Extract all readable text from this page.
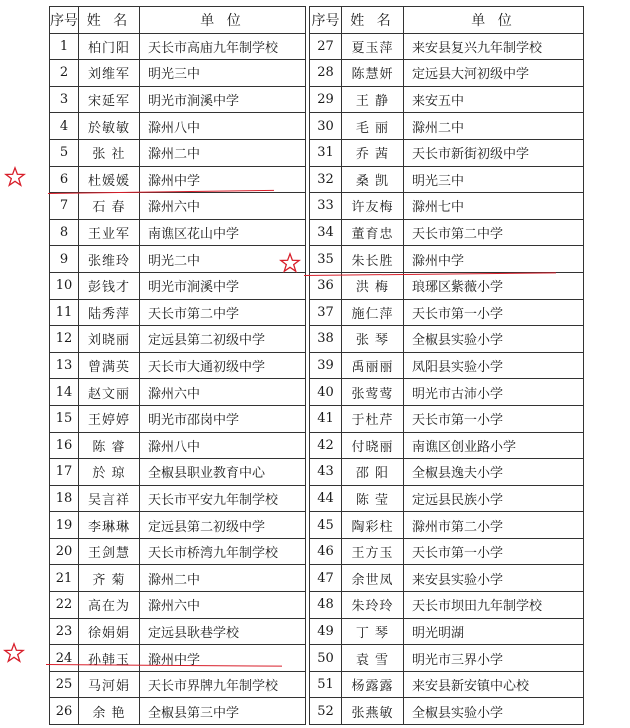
序号	姓 名	单 位
1	柏门阳	天长市高庙九年制学校
2	刘维军	明光三中
3	宋延军	明光市涧溪中学
4	於敏敏	滁州八中
5	张 社	滁州二中
6	杜媛媛	滁州中学
7	石 春	滁州六中
8	王业军	南谯区花山中学
9	张维玲	明光二中
10	彭钱才	明光市涧溪中学
11	陆秀萍	天长市第二中学
12	刘晓丽	定远县第二初级中学
13	曾满英	天长市大通初级中学
14	赵文丽	滁州六中
15	王婷婷	明光市邵岗中学
16	陈 睿	滁州八中
17	於 琼	全椒县职业教育中心
18	吴言祥	天长市平安九年制学校
19	李琳琳	定远县第二初级中学
20	王剑慧	天长市桥湾九年制学校
21	齐 菊	滁州二中
22	高在为	滁州六中
23	徐娟娟	定远县耿巷学校
24	孙韩玉	滁州中学
25	马河娟	天长市界牌九年制学校
26	余 艳	全椒县第三中学
序号	姓 名	单 位
27	夏玉萍	来安县复兴九年制学校
28	陈慧妍	定远县大河初级中学
29	王 静	来安五中
30	毛 丽	滁州二中
31	乔 茜	天长市新街初级中学
32	桑 凯	明光三中
33	许友梅	滁州七中
34	董育忠	天长市第二中学
35	朱长胜	滁州中学
36	洪 梅	琅琊区紫薇小学
37	施仁萍	天长市第一小学
38	张 琴	全椒县实验小学
39	禹丽丽	凤阳县实验小学
40	张莺莺	明光市古沛小学
41	于杜芹	天长市第一小学
42	付晓丽	南谯区创业路小学
43	邵 阳	全椒县逸夫小学
44	陈 莹	定远县民族小学
45	陶彩柱	滁州市第二小学
46	王方玉	天长市第一小学
47	余世凤	来安县实验小学
48	朱玲玲	天长市坝田九年制学校
49	丁 琴	明光明湖
50	袁 雪	明光市三界小学
51	杨露露	来安县新安镇中心校
52	张燕敏	全椒县实验小学
